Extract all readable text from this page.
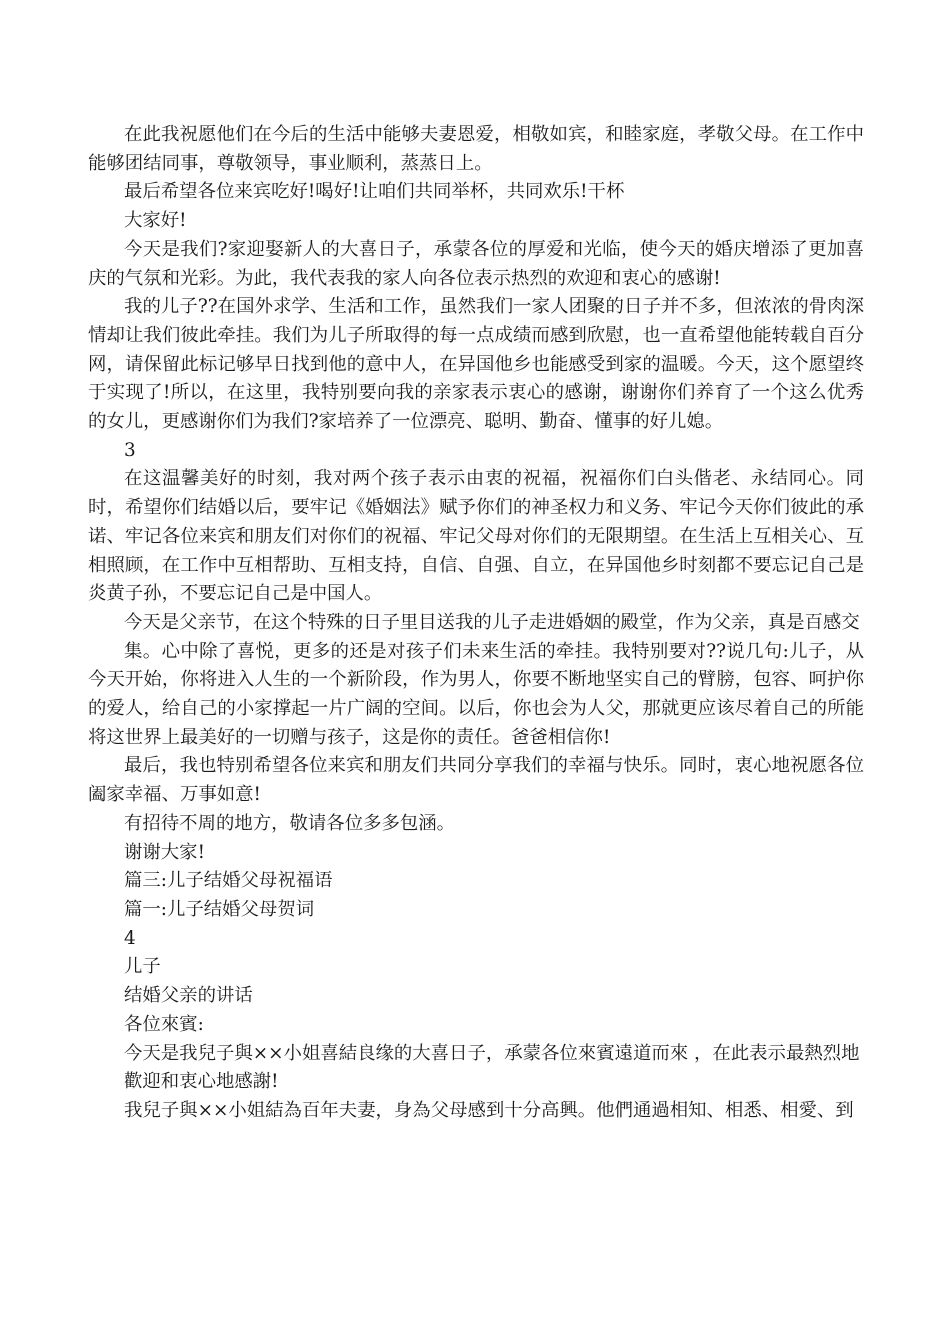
在此我祝愿他们在今后的生活中能够夫妻恩爱，相敬如宾，和睦家庭，孝敬父母。在工作中能够团结同事，尊敬领导，事业顺利，蒸蒸日上。

最后希望各位来宾吃好!喝好!让咱们共同举杯，共同欢乐!干杯

大家好!

今天是我们?家迎娶新人的大喜日子，承蒙各位的厚爱和光临，使今天的婚庆增添了更加喜庆的气氛和光彩。为此，我代表我的家人向各位表示热烈的欢迎和衷心的感谢!

我的儿子??在国外求学、生活和工作，虽然我们一家人团聚的日子并不多，但浓浓的骨肉深情却让我们彼此牵挂。我们为儿子所取得的每一点成绩而感到欣慰，也一直希望他能转载自百分网，请保留此标记够早日找到他的意中人，在异国他乡也能感受到家的温暖。今天，这个愿望终于实现了!所以，在这里，我特别要向我的亲家表示衷心的感谢，谢谢你们养育了一个这么优秀的女儿，更感谢你们为我们?家培养了一位漂亮、聪明、勤奋、懂事的好儿媳。

3

在这温馨美好的时刻，我对两个孩子表示由衷的祝福，祝福你们白头偕老、永结同心。同时，希望你们结婚以后，要牢记《婚姻法》赋予你们的神圣权力和义务、牢记今天你们彼此的承诺、牢记各位来宾和朋友们对你们的祝福、牢记父母对你们的无限期望。在生活上互相关心、互相照顾，在工作中互相帮助、互相支持，自信、自强、自立，在异国他乡时刻都不要忘记自己是炎黄子孙，不要忘记自己是中国人。

今天是父亲节，在这个特殊的日子里目送我的儿子走进婚姻的殿堂，作为父亲，真是百感交

集。心中除了喜悦，更多的还是对孩子们未来生活的牵挂。我特别要对??说几句:儿子，从今天开始，你将进入人生的一个新阶段，作为男人，你要不断地坚实自己的臂膀，包容、呵护你的爱人，给自己的小家撑起一片广阔的空间。以后，你也会为人父，那就更应该尽着自己的所能将这世界上最美好的一切赠与孩子，这是你的责任。爸爸相信你!

最后，我也特别希望各位来宾和朋友们共同分享我们的幸福与快乐。同时，衷心地祝愿各位阖家幸福、万事如意!

有招待不周的地方，敬请各位多多包涵。

谢谢大家!

篇三:儿子结婚父母祝福语

篇一:儿子结婚父母贺词

4

儿子

结婚父亲的讲话

各位來賓:

今天是我兒子與××小姐喜結良缘的大喜日子，承蒙各位來賓遠道而來 ，在此表示最熱烈地

歡迎和衷心地感謝!

我兒子與××小姐結為百年夫妻，身為父母感到十分高興。他們通過相知、相悉、相愛、到
